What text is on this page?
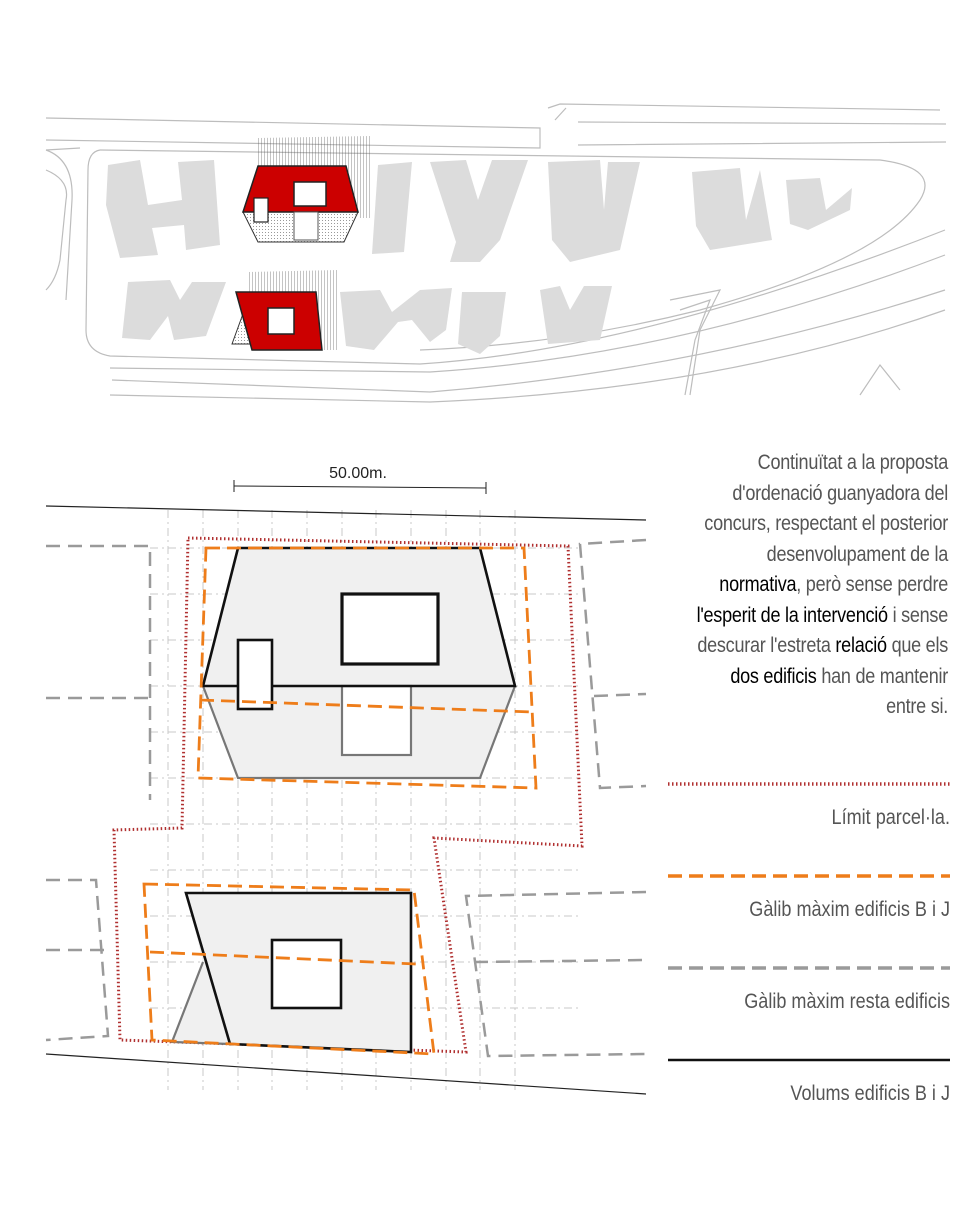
50.00m.	Continuïtat a la proposta d'ordenació guanyadora del concurs, respectant el posterior desenvolupament de la normativa, però sense perdre l'esperit de la intervenció i sense descurar l'estreta relació que els dos edificis han de mantenir entre si.
Límit parcel·la.
Gàlib màxim edificis B i J
Gàlib màxim resta edificis
Volums edificis B i J
